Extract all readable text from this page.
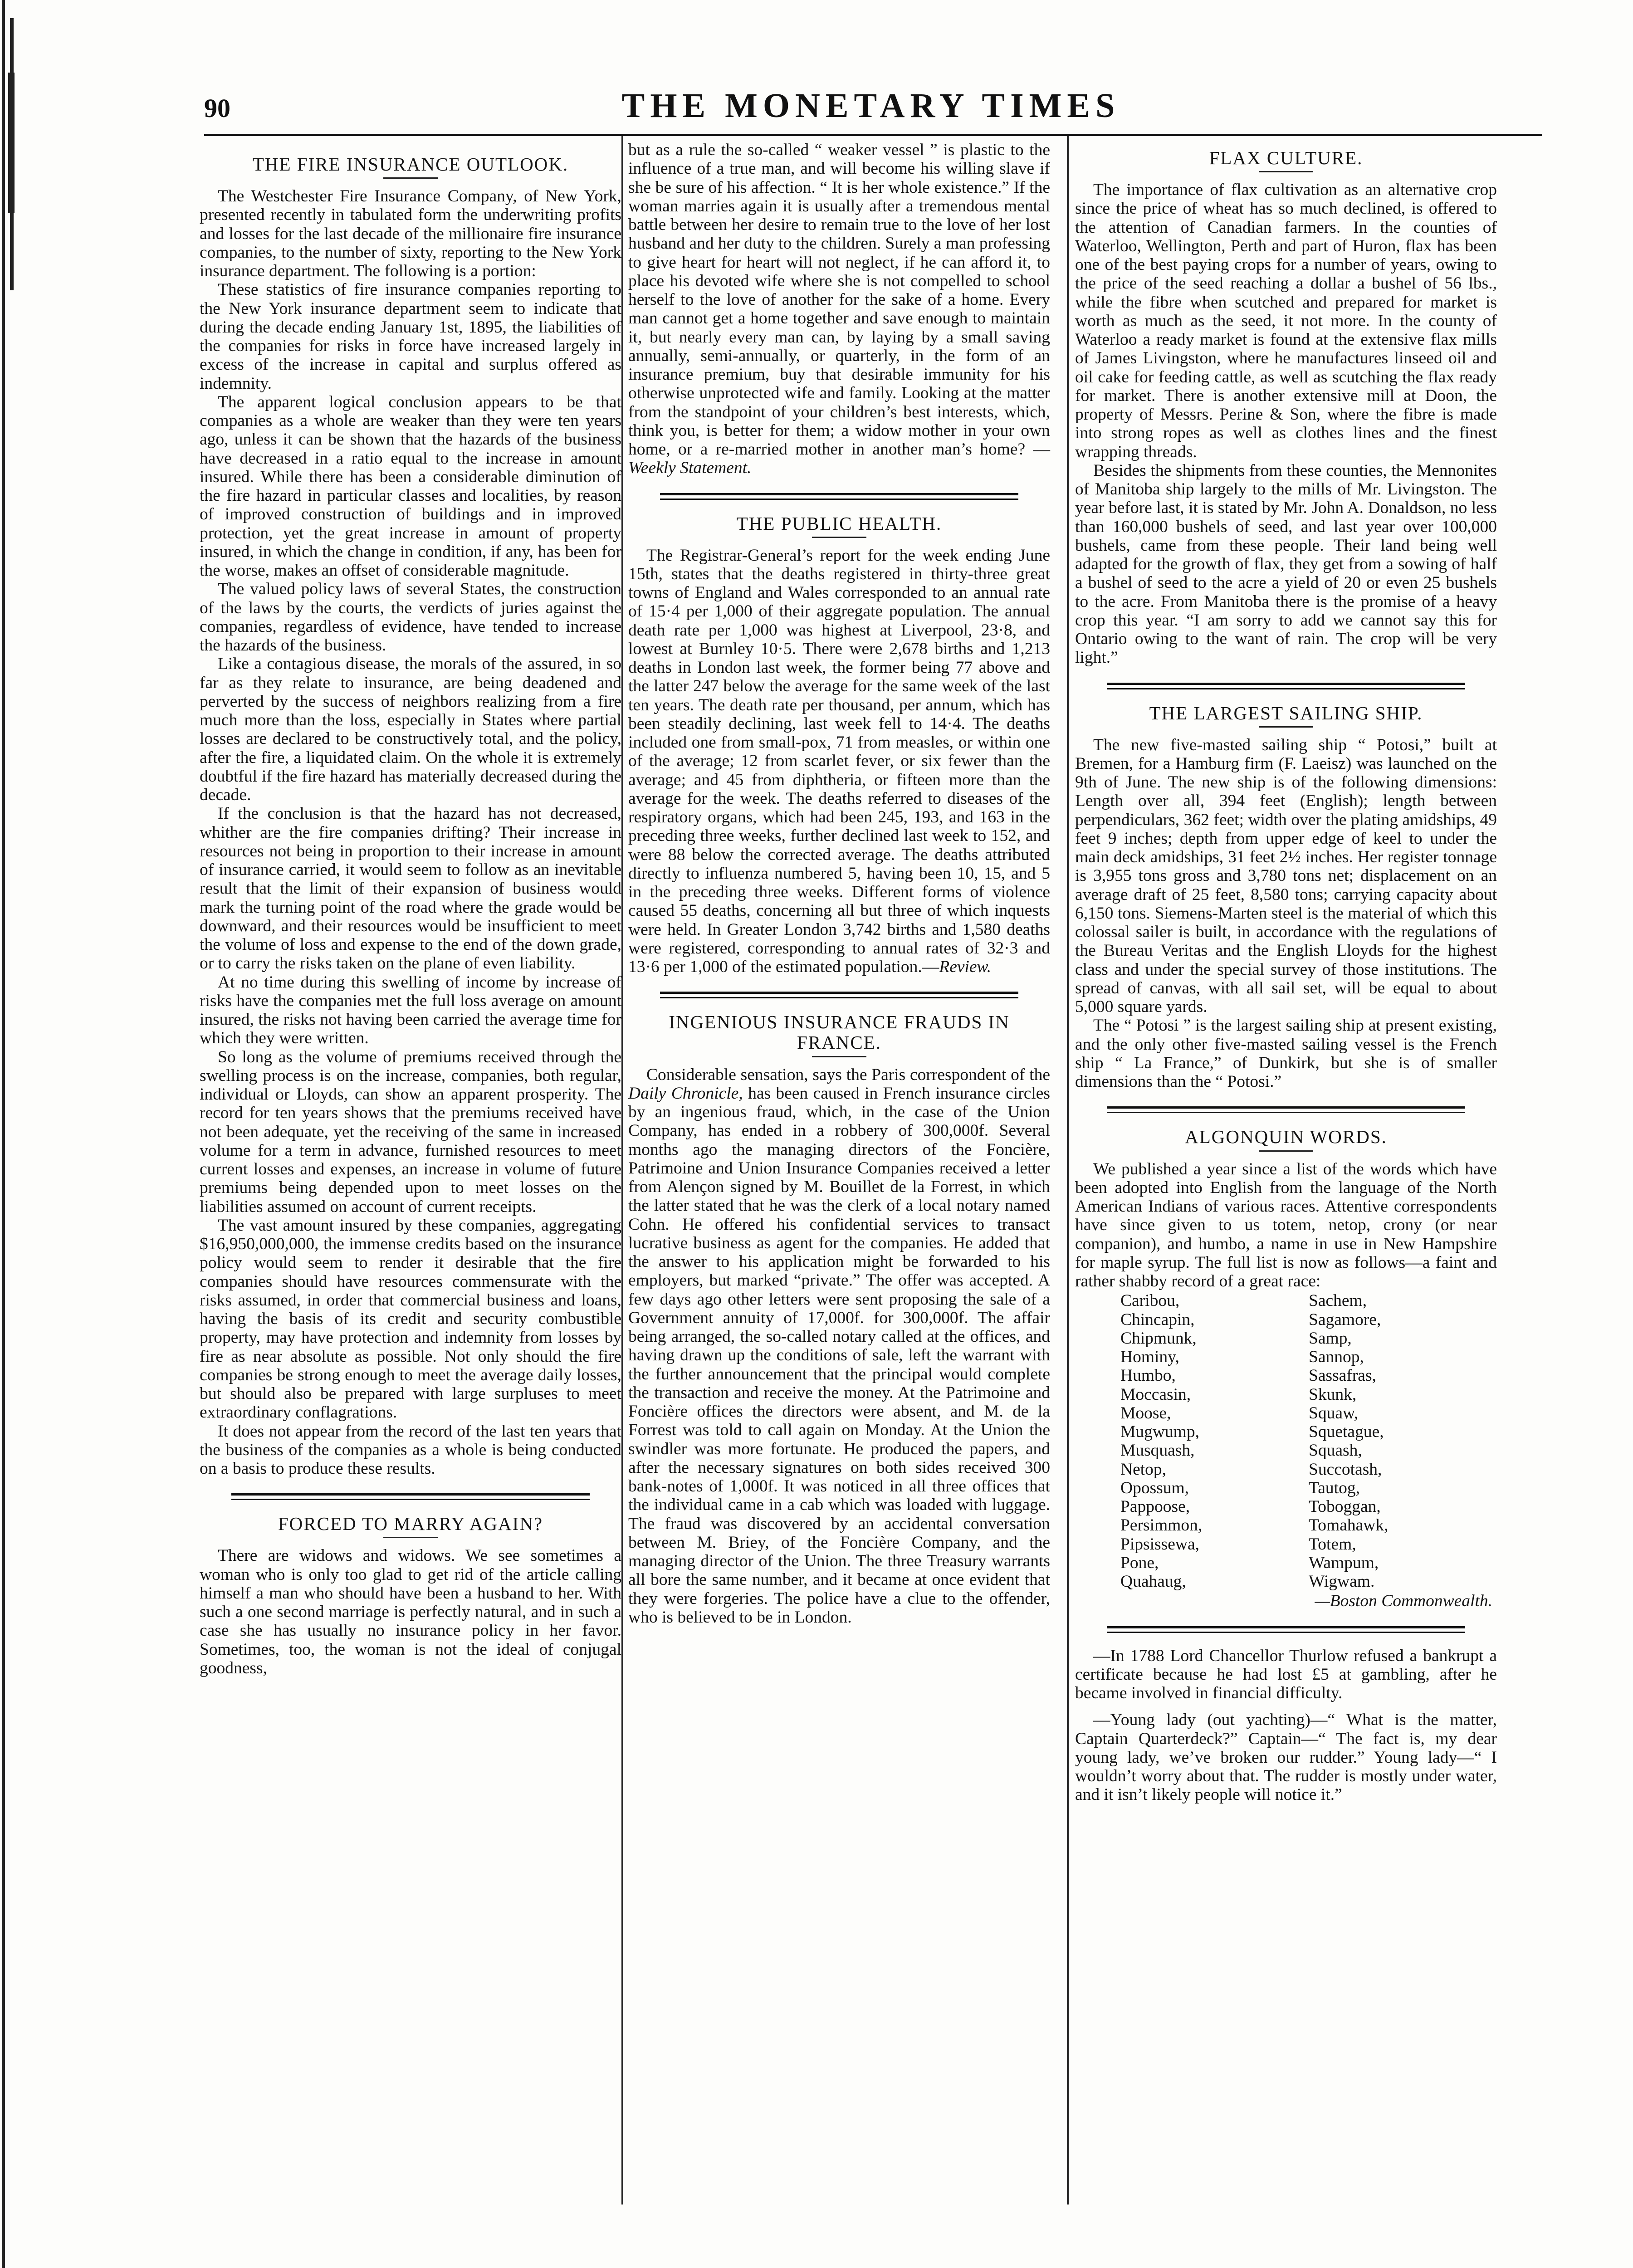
90	THE MONETARY TIMES
THE FIRE INSURANCE OUTLOOK.

The Westchester Fire Insurance Company, of New York, presented recently in tabulated form the underwriting profits and losses for the last decade of the millionaire fire insurance companies, to the number of sixty, reporting to the New York insurance department. The following is a portion:

These statistics of fire insurance companies reporting to the New York insurance department seem to indicate that during the decade ending January 1st, 1895, the liabilities of the companies for risks in force have increased largely in excess of the increase in capital and surplus offered as indemnity.

The apparent logical conclusion appears to be that companies as a whole are weaker than they were ten years ago, unless it can be shown that the hazards of the business have decreased in a ratio equal to the increase in amount insured. While there has been a considerable diminution of the fire hazard in particular classes and localities, by reason of improved construction of buildings and in improved protection, yet the great increase in amount of property insured, in which the change in condition, if any, has been for the worse, makes an offset of considerable magnitude.

The valued policy laws of several States, the construction of the laws by the courts, the verdicts of juries against the companies, regardless of evidence, have tended to increase the hazards of the business.

Like a contagious disease, the morals of the assured, in so far as they relate to insurance, are being deadened and perverted by the success of neighbors realizing from a fire much more than the loss, especially in States where partial losses are declared to be constructively total, and the policy, after the fire, a liquidated claim. On the whole it is extremely doubtful if the fire hazard has materially decreased during the decade.

If the conclusion is that the hazard has not decreased, whither are the fire companies drifting? Their increase in resources not being in proportion to their increase in amount of insurance carried, it would seem to follow as an inevitable result that the limit of their expansion of business would mark the turning point of the road where the grade would be downward, and their resources would be insufficient to meet the volume of loss and expense to the end of the down grade, or to carry the risks taken on the plane of even liability.

At no time during this swelling of income by increase of risks have the companies met the full loss average on amount insured, the risks not having been carried the average time for which they were written.

So long as the volume of premiums received through the swelling process is on the increase, companies, both regular, individual or Lloyds, can show an apparent prosperity. The record for ten years shows that the premiums received have not been adequate, yet the receiving of the same in increased volume for a term in advance, furnished resources to meet current losses and expenses, an increase in volume of future premiums being depended upon to meet losses on the liabilities assumed on account of current receipts.

The vast amount insured by these companies, aggregating $16,950,000,000, the immense credits based on the insurance policy would seem to render it desirable that the fire companies should have resources commensurate with the risks assumed, in order that commercial business and loans, having the basis of its credit and security combustible property, may have protection and indemnity from losses by fire as near absolute as possible. Not only should the fire companies be strong enough to meet the average daily losses, but should also be prepared with large surpluses to meet extraordinary conflagrations.

It does not appear from the record of the last ten years that the business of the companies as a whole is being conducted on a basis to produce these results.

FORCED TO MARRY AGAIN?

There are widows and widows. We see sometimes a woman who is only too glad to get rid of the article calling himself a man who should have been a husband to her. With such a one second marriage is perfectly natural, and in such a case she has usually no insurance policy in her favor. Sometimes, too, the woman is not the ideal of conjugal goodness,

but as a rule the so-called “ weaker vessel ” is plastic to the influence of a true man, and will become his willing slave if she be sure of his affection. “ It is her whole existence.” If the woman marries again it is usually after a tremendous mental battle between her desire to remain true to the love of her lost husband and her duty to the children. Surely a man professing to give heart for heart will not neglect, if he can afford it, to place his devoted wife where she is not compelled to school herself to the love of another for the sake of a home. Every man cannot get a home together and save enough to maintain it, but nearly every man can, by laying by a small saving annually, semi-annually, or quarterly, in the form of an insurance premium, buy that desirable immunity for his otherwise unprotected wife and family. Looking at the matter from the standpoint of your children’s best interests, which, think you, is better for them; a widow mother in your own home, or a re-married mother in another man’s home? — Weekly Statement.

THE PUBLIC HEALTH.

The Registrar-General’s report for the week ending June 15th, states that the deaths registered in thirty-three great towns of England and Wales corresponded to an annual rate of 15·4 per 1,000 of their aggregate population. The annual death rate per 1,000 was highest at Liverpool, 23·8, and lowest at Burnley 10·5. There were 2,678 births and 1,213 deaths in London last week, the former being 77 above and the latter 247 below the average for the same week of the last ten years. The death rate per thousand, per annum, which has been steadily declining, last week fell to 14·4. The deaths included one from small-pox, 71 from measles, or within one of the average; 12 from scarlet fever, or six fewer than the average; and 45 from diphtheria, or fifteen more than the average for the week. The deaths referred to diseases of the respiratory organs, which had been 245, 193, and 163 in the preceding three weeks, further declined last week to 152, and were 88 below the corrected average. The deaths attributed directly to influenza numbered 5, having been 10, 15, and 5 in the preceding three weeks. Different forms of violence caused 55 deaths, concerning all but three of which inquests were held. In Greater London 3,742 births and 1,580 deaths were registered, corresponding to annual rates of 32·3 and 13·6 per 1,000 of the estimated population.—Review.

INGENIOUS INSURANCE FRAUDS IN FRANCE.

Considerable sensation, says the Paris correspondent of the Daily Chronicle, has been caused in French insurance circles by an ingenious fraud, which, in the case of the Union Company, has ended in a robbery of 300,000f. Several months ago the managing directors of the Foncière, Patrimoine and Union Insurance Companies received a letter from Alençon signed by M. Bouillet de la Forrest, in which the latter stated that he was the clerk of a local notary named Cohn. He offered his confidential services to transact lucrative business as agent for the companies. He added that the answer to his application might be forwarded to his employers, but marked “private.” The offer was accepted. A few days ago other letters were sent proposing the sale of a Government annuity of 17,000f. for 300,000f. The affair being arranged, the so-called notary called at the offices, and having drawn up the conditions of sale, left the warrant with the further announcement that the principal would complete the transaction and receive the money. At the Patrimoine and Foncière offices the directors were absent, and M. de la Forrest was told to call again on Monday. At the Union the swindler was more fortunate. He produced the papers, and after the necessary signatures on both sides received 300 bank-notes of 1,000f. It was noticed in all three offices that the individual came in a cab which was loaded with luggage. The fraud was discovered by an accidental conversation between M. Briey, of the Foncière Company, and the managing director of the Union. The three Treasury warrants all bore the same number, and it became at once evident that they were forgeries. The police have a clue to the offender, who is believed to be in London.

FLAX CULTURE.

The importance of flax cultivation as an alternative crop since the price of wheat has so much declined, is offered to the attention of Canadian farmers. In the counties of Waterloo, Wellington, Perth and part of Huron, flax has been one of the best paying crops for a number of years, owing to the price of the seed reaching a dollar a bushel of 56 lbs., while the fibre when scutched and prepared for market is worth as much as the seed, it not more. In the county of Waterloo a ready market is found at the extensive flax mills of James Livingston, where he manufactures linseed oil and oil cake for feeding cattle, as well as scutching the flax ready for market. There is another extensive mill at Doon, the property of Messrs. Perine & Son, where the fibre is made into strong ropes as well as clothes lines and the finest wrapping threads.

Besides the shipments from these counties, the Mennonites of Manitoba ship largely to the mills of Mr. Livingston. The year before last, it is stated by Mr. John A. Donaldson, no less than 160,000 bushels of seed, and last year over 100,000 bushels, came from these people. Their land being well adapted for the growth of flax, they get from a sowing of half a bushel of seed to the acre a yield of 20 or even 25 bushels to the acre. From Manitoba there is the promise of a heavy crop this year. “I am sorry to add we cannot say this for Ontario owing to the want of rain. The crop will be very light.”

THE LARGEST SAILING SHIP.

The new five-masted sailing ship “ Potosi,” built at Bremen, for a Hamburg firm (F. Laeisz) was launched on the 9th of June. The new ship is of the following dimensions: Length over all, 394 feet (English); length between perpendiculars, 362 feet; width over the plating amidships, 49 feet 9 inches; depth from upper edge of keel to under the main deck amidships, 31 feet 2½ inches. Her register tonnage is 3,955 tons gross and 3,780 tons net; displacement on an average draft of 25 feet, 8,580 tons; carrying capacity about 6,150 tons. Siemens-Marten steel is the material of which this colossal sailer is built, in accordance with the regulations of the Bureau Veritas and the English Lloyds for the highest class and under the special survey of those institutions. The spread of canvas, with all sail set, will be equal to about 5,000 square yards.

The “ Potosi ” is the largest sailing ship at present existing, and the only other five-masted sailing vessel is the French ship “ La France,” of Dunkirk, but she is of smaller dimensions than the “ Potosi.”

ALGONQUIN WORDS.

We published a year since a list of the words which have been adopted into English from the language of the North American Indians of various races. Attentive correspondents have since given to us totem, netop, crony (or near companion), and humbo, a name in use in New Hampshire for maple syrup. The full list is now as follows—a faint and rather shabby record of a great race:

Caribou,	Sachem,
Chincapin,	Sagamore,
Chipmunk,	Samp,
Hominy,	Sannop,
Humbo,	Sassafras,
Moccasin,	Skunk,
Moose,	Squaw,
Mugwump,	Squetague,
Musquash,	Squash,
Netop,	Succotash,
Opossum,	Tautog,
Pappoose,	Toboggan,
Persimmon,	Tomahawk,
Pipsissewa,	Totem,
Pone,	Wampum,
Quahaug,	Wigwam.
—Boston Commonwealth.

—In 1788 Lord Chancellor Thurlow refused a bankrupt a certificate because he had lost £5 at gambling, after he became involved in financial difficulty.

—Young lady (out yachting)—“ What is the matter, Captain Quarterdeck?” Captain—“ The fact is, my dear young lady, we’ve broken our rudder.” Young lady—“ I wouldn’t worry about that. The rudder is mostly under water, and it isn’t likely people will notice it.”
